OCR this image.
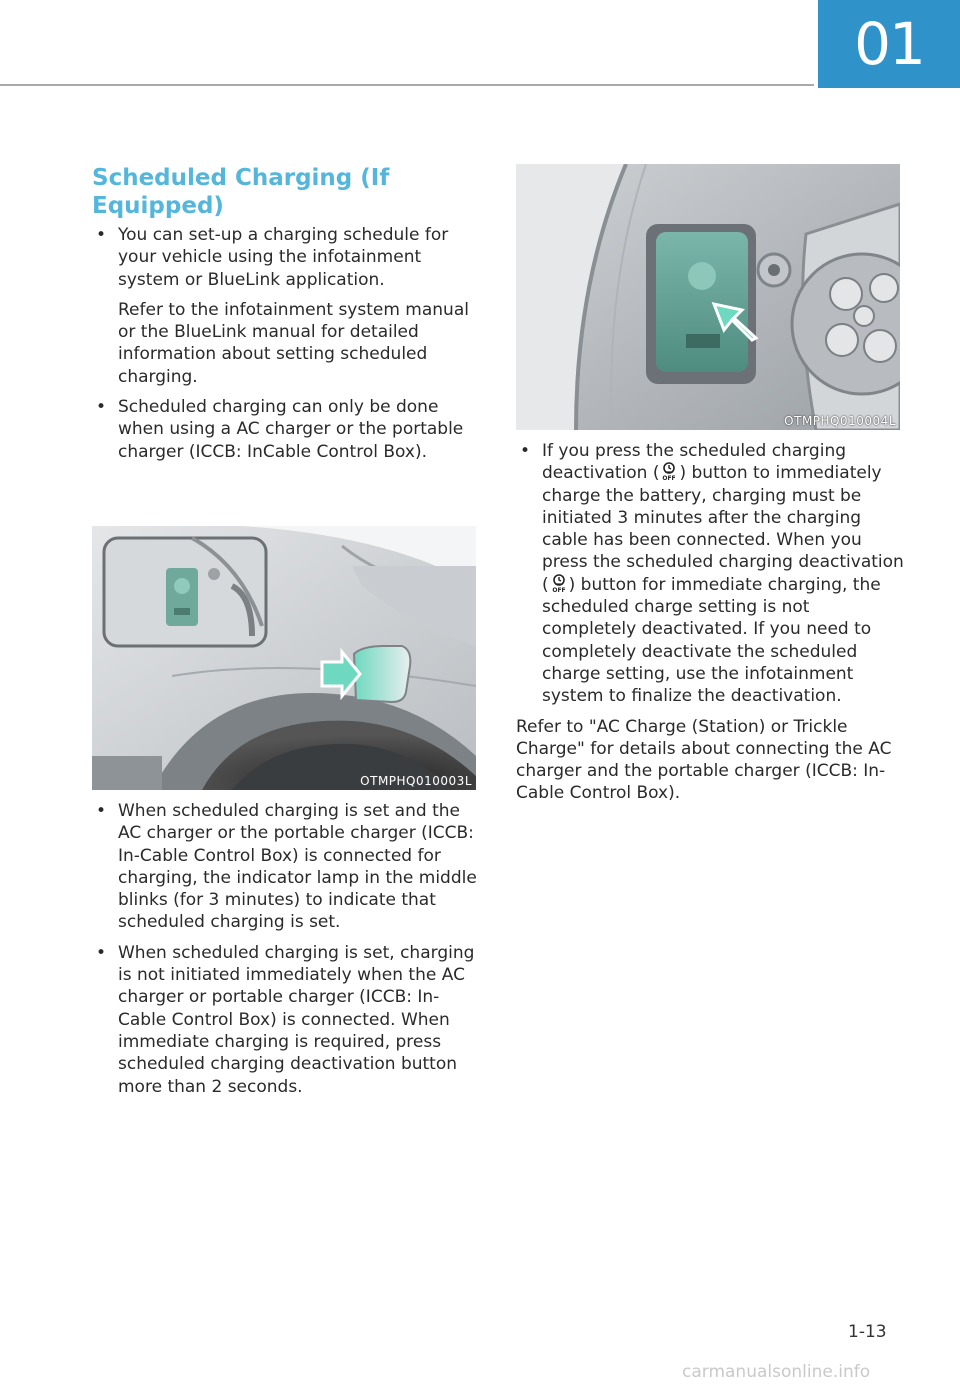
01
Scheduled Charging (If Equipped)
• You can set-up a charging schedule for your vehicle using the infotainment system or BlueLink application.

Refer to the infotainment system manual or the BlueLink manual for detailed information about setting scheduled charging.

• Scheduled charging can only be done when using a AC charger or the portable charger (ICCB: InCable Control Box).

OTMPHQ010003L
• When scheduled charging is set and the AC charger or the portable charger (ICCB: In-Cable Control Box) is connected for charging, the indicator lamp in the middle blinks (for 3 minutes) to indicate that scheduled charging is set.

• When scheduled charging is set, charging is not initiated immediately when the AC charger or portable charger (ICCB: In-Cable Control Box) is connected. When immediate charging is required, press scheduled charging deactivation button more than 2 seconds.

OTMPHQ010004L
• If you press the scheduled charging deactivation ( OFF ) button to immediately charge the battery, charging must be initiated 3 minutes after the charging cable has been connected. When you press the scheduled charging deactivation ( OFF ) button for immediate charging, the scheduled charge setting is not completely deactivated. If you need to completely deactivate the scheduled charge setting, use the infotainment system to finalize the deactivation.

Refer to "AC Charge (Station) or Trickle Charge" for details about connecting the AC charger and the portable charger (ICCB: In-Cable Control Box).

1-13
carmanualsonline.info
